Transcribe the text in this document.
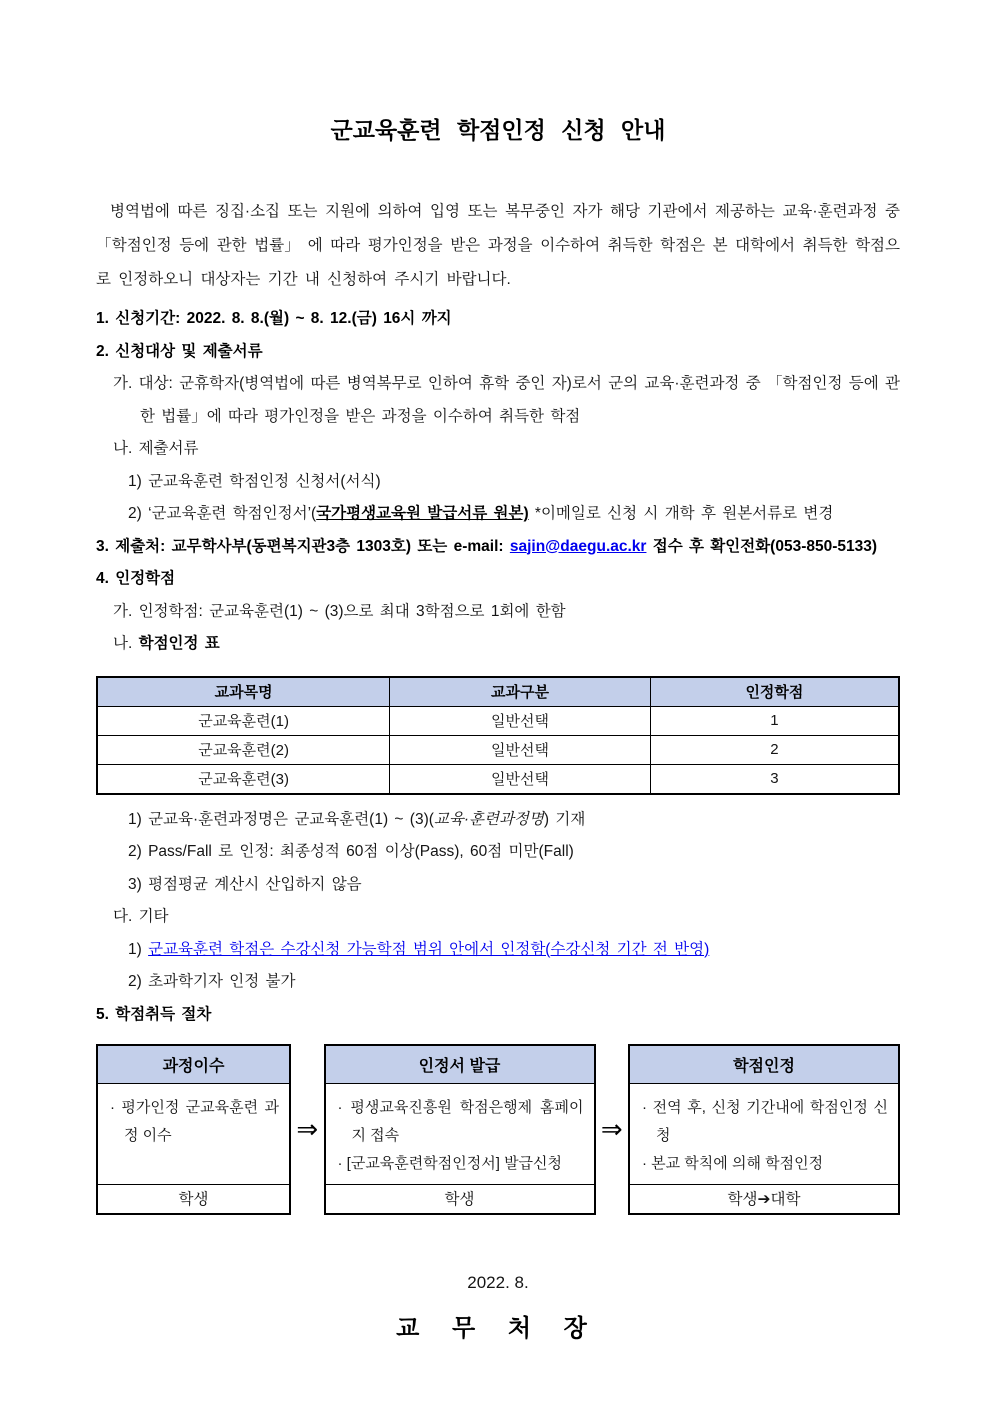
군교육훈련 학점인정 신청 안내

병역법에 따른 징집·소집 또는 지원에 의하여 입영 또는 복무중인 자가 해당 기관에서 제공하는 교육·훈련과정 중 「학점인정 등에 관한 법률」 에 따라 평가인정을 받은 과정을 이수하여 취득한 학점은 본 대학에서 취득한 학점으로 인정하오니 대상자는 기간 내 신청하여 주시기 바랍니다.

1. 신청기간: 2022. 8. 8.(월) ~ 8. 12.(금) 16시 까지
2. 신청대상 및 제출서류
가. 대상: 군휴학자(병역법에 따른 병역복무로 인하여 휴학 중인 자)로서 군의 교육·훈련과정 중 「학점인정 등에 관한 법률」에 따라 평가인정을 받은 과정을 이수하여 취득한 학점
나. 제출서류
1) 군교육훈련 학점인정 신청서(서식)
2) ‘군교육훈련 학점인정서’(국가평생교육원 발급서류 원본) *이메일로 신청 시 개학 후 원본서류로 변경
3. 제출처: 교무학사부(동편복지관3층 1303호) 또는 e-mail: sajin@daegu.ac.kr 접수 후 확인전화(053-850-5133)
4. 인정학점
가. 인정학점: 군교육훈련(1) ~ (3)으로 최대 3학점으로 1회에 한함
나. 학점인정 표
교과목명	교과구분	인정학점
군교육훈련(1)	일반선택	1
군교육훈련(2)	일반선택	2
군교육훈련(3)	일반선택	3
1) 군교육·훈련과정명은 군교육훈련(1) ~ (3)(교육·훈련과정명) 기재
2) Pass/Fall 로 인정: 최종성적 60점 이상(Pass), 60점 미만(Fall)
3) 평점평균 계산시 산입하지 않음
다. 기타
1) 군교육훈련 학점은 수강신청 가능학점 범위 안에서 인정함(수강신청 기간 전 반영)
2) 초과학기자 인정 불가
5. 학점취득 절차
과정이수
· 평가인정 군교육훈련 과정 이수
학생
⇒
인정서 발급
· 평생교육진흥원 학점은행제 홈페이지 접속
· [군교육훈련학점인정서] 발급신청
학생
⇒
학점인정
· 전역 후, 신청 기간내에 학점인정 신청
· 본교 학칙에 의해 학점인정
학생➔대학
2022. 8.
교 무 처 장
